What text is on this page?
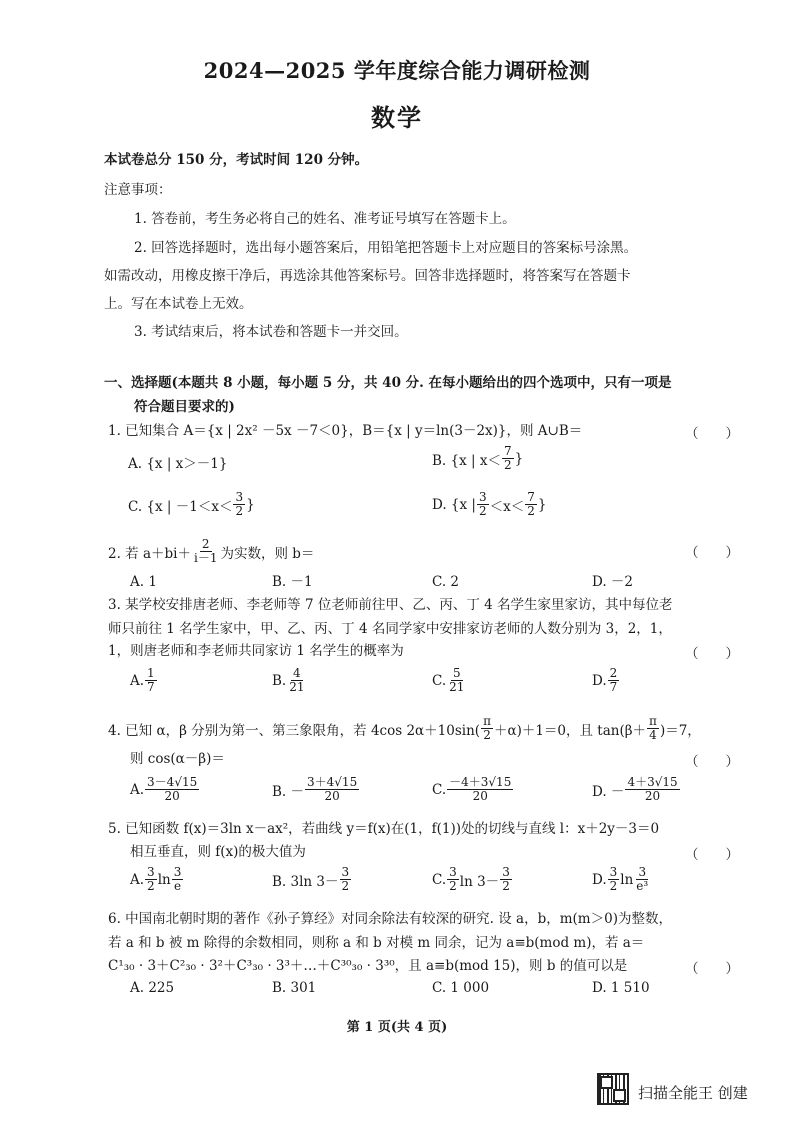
2024—2025 学年度综合能力调研检测
数学
本试卷总分 150 分，考试时间 120 分钟。
注意事项：
1. 答卷前，考生务必将自己的姓名、准考证号填写在答题卡上。
2. 回答选择题时，选出每小题答案后，用铅笔把答题卡上对应题目的答案标号涂黑。
如需改动，用橡皮擦干净后，再选涂其他答案标号。回答非选择题时，将答案写在答题卡
上。写在本试卷上无效。
3. 考试结束后，将本试卷和答题卡一并交回。
一、选择题(本题共 8 小题，每小题 5 分，共 40 分. 在每小题给出的四个选项中，只有一项是
符合题目要求的)
1. 已知集合 A＝{x | 2x² －5x －7＜0}，B＝{x | y＝ln(3－2x)}，则 A∪B＝	（　　）
A. {x | x＞－1}	B. {x | $x< \frac{7}{2}$ }
C. {x | $-1<x< \frac{3}{2}$ }	D. {x | $\frac{3}{2} <x< \frac{7}{2}$ }
2. 若 $a+bi+ \frac{2}{i-1}$ 为实数，则 b＝	（　　）
A. 1	B. －1	C. 2	D. －2
3. 某学校安排唐老师、李老师等 7 位老师前往甲、乙、丙、丁 4 名学生家里家访，其中每位老
师只前往 1 名学生家中，甲、乙、丙、丁 4 名同学家中安排家访老师的人数分别为 3，2，1，
1，则唐老师和李老师共同家访 1 名学生的概率为	（　　）
A. $\frac{1}{7}$	B. $\frac{4}{21}$	C. $\frac{5}{21}$	D. $\frac{2}{7}$
4. 已知 α，β 分别为第一、第三象限角，若 4cos $2\alpha+10\sin( \frac{\pi}{2} +\alpha)+1=0$，且 $\tan(\beta+ \frac{\pi}{4} )=7$，
则 cos(α－β)＝	（　　）
A. $\frac{3-4√15}{20}$	B. － $\frac{3+4√15}{20}$	C. $\frac{-4+3√15}{20}$	D. － $\frac{4+3√15}{20}$
5. 已知函数 f(x)＝3ln x－ax²，若曲线 y＝f(x)在(1，f(1))处的切线与直线 l：x＋2y－3＝0
相互垂直，则 f(x)的极大值为	（　　）
A. $\frac{3}{2}$ $\ln \frac{3}{e}$	B. 3ln $3- \frac{3}{2}$	C. $\frac{3}{2}$ $\ln 3- \frac{3}{2}$	D. $\frac{3}{2}$ $\ln \frac{3}{\text{e³}}$
6. 中国南北朝时期的著作《孙子算经》对同余除法有较深的研究. 设 a，b，m(m＞0)为整数，
若 a 和 b 被 m 除得的余数相同，则称 a 和 b 对模 m 同余，记为 a≡b(mod m)，若 a＝
C¹₃₀ · 3＋C²₃₀ · 3²＋C³₃₀ · 3³＋…＋C³⁰₃₀ · 3³⁰，且 a≡b(mod 15)，则 b 的值可以是	（　　）
A. 225	B. 301	C. 1 000	D. 1 510
第 1 页(共 4 页)
扫描全能王 创建
